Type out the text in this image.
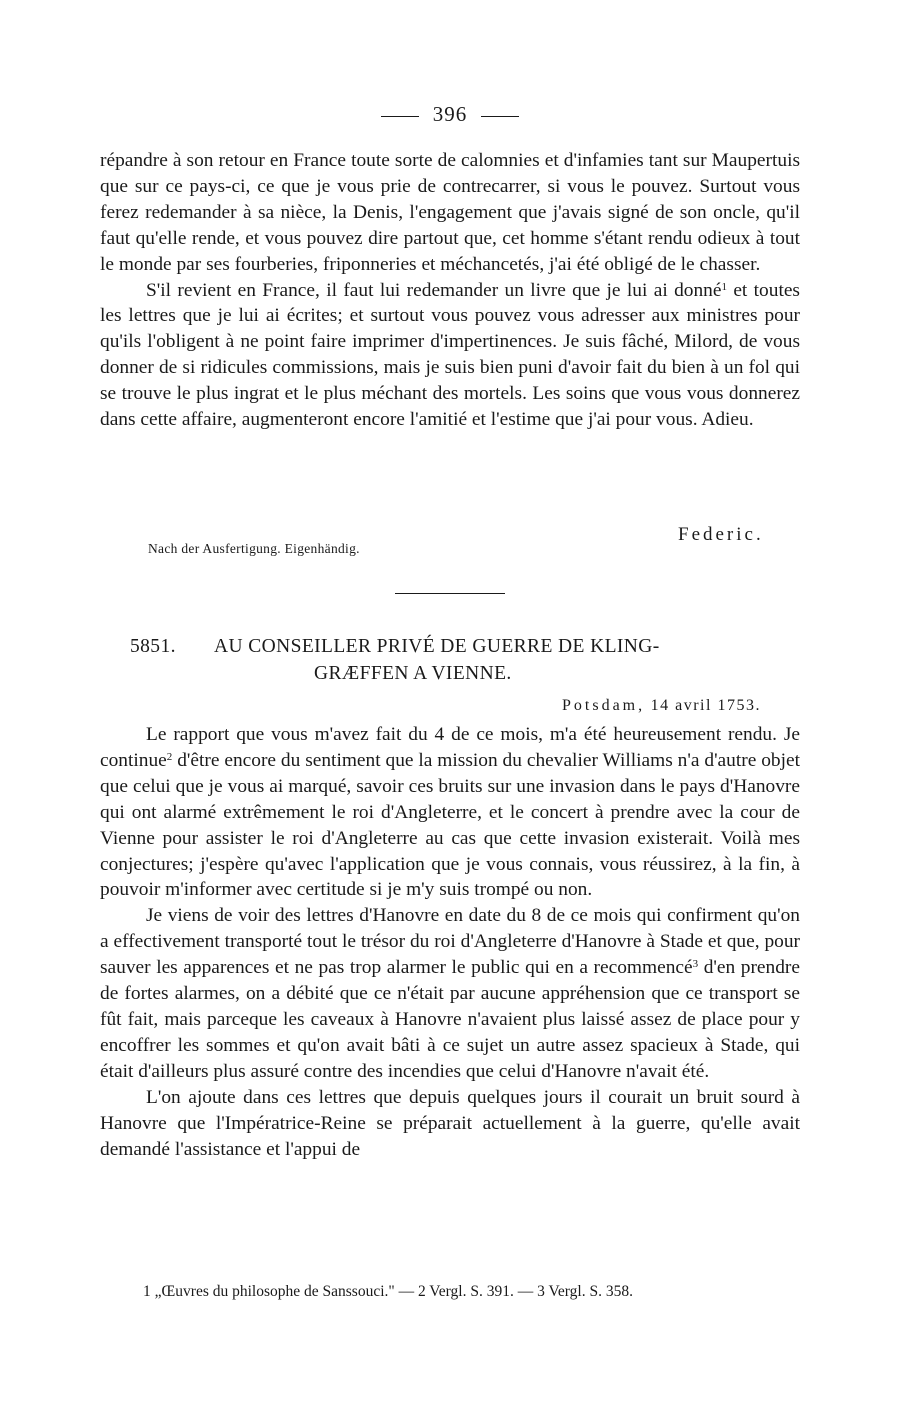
396

répandre à son retour en France toute sorte de calomnies et d'infamies tant sur Maupertuis que sur ce pays-ci, ce que je vous prie de contrecarrer, si vous le pouvez. Surtout vous ferez redemander à sa nièce, la Denis, l'engagement que j'avais signé de son oncle, qu'il faut qu'elle rende, et vous pouvez dire partout que, cet homme s'étant rendu odieux à tout le monde par ses fourberies, friponneries et méchancetés, j'ai été obligé de le chasser.

S'il revient en France, il faut lui redemander un livre que je lui ai donné$^1$ et toutes les lettres que je lui ai écrites; et surtout vous pouvez vous adresser aux ministres pour qu'ils l'obligent à ne point faire imprimer d'impertinences. Je suis fâché, Milord, de vous donner de si ridicules commissions, mais je suis bien puni d'avoir fait du bien à un fol qui se trouve le plus ingrat et le plus méchant des mortels. Les soins que vous vous donnerez dans cette affaire, augmenteront encore l'amitié et l'estime que j'ai pour vous. Adieu.

Federic.
Nach der Ausfertigung. Eigenhändig.
5851. AU CONSEILLER PRIVÉ DE GUERRE DE KLING-
GRÆFFEN A VIENNE.
Potsdam, 14 avril 1753.

Le rapport que vous m'avez fait du 4 de ce mois, m'a été heureusement rendu. Je continue$^2$ d'être encore du sentiment que la mission du chevalier Williams n'a d'autre objet que celui que je vous ai marqué, savoir ces bruits sur une invasion dans le pays d'Hanovre qui ont alarmé extrêmement le roi d'Angleterre, et le concert à prendre avec la cour de Vienne pour assister le roi d'Angleterre au cas que cette invasion existerait. Voilà mes conjectures; j'espère qu'avec l'application que je vous connais, vous réussirez, à la fin, à pouvoir m'informer avec certitude si je m'y suis trompé ou non.

Je viens de voir des lettres d'Hanovre en date du 8 de ce mois qui confirment qu'on a effectivement transporté tout le trésor du roi d'Angleterre d'Hanovre à Stade et que, pour sauver les apparences et ne pas trop alarmer le public qui en a recommencé$^3$ d'en prendre de fortes alarmes, on a débité que ce n'était par aucune appréhension que ce transport se fût fait, mais parceque les caveaux à Hanovre n'avaient plus laissé assez de place pour y encoffrer les sommes et qu'on avait bâti à ce sujet un autre assez spacieux à Stade, qui était d'ailleurs plus assuré contre des incendies que celui d'Hanovre n'avait été.

L'on ajoute dans ces lettres que depuis quelques jours il courait un bruit sourd à Hanovre que l'Impératrice-Reine se préparait actuellement à la guerre, qu'elle avait demandé l'assistance et l'appui de

1 „Œuvres du philosophe de Sanssouci." — 2 Vergl. S. 391. — 3 Vergl. S. 358.
